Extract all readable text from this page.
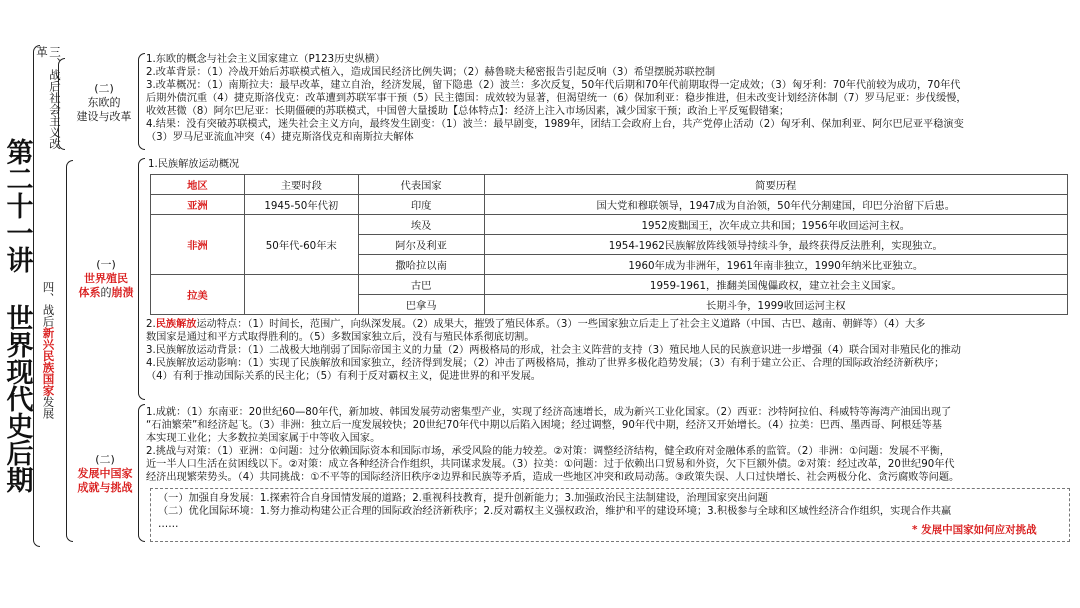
第二十一讲 世界现代史后期
三、战后社会主义改革
四、战后
新兴民族国家
发展
(二)
东欧的
建设与改革
1.东欧的概念与社会主义国家建立（P123历史纵横）
2.改革背景：（1）冷战开始后苏联模式植入，造成国民经济比例失调；（2）赫鲁晓夫秘密报告引起反响（3）希望摆脱苏联控制
3.改革概况：（1）南斯拉夫：最早改革，建立自治，经济发展，留下隐患（2）波兰：多次反复，50年代后期和70年代前期取得一定成效；（3）匈牙利：70年代前较为成功，70年代
后期外债沉重（4）捷克斯洛伐克：改革遭到苏联军事干预（5）民主德国：成效较为显著，但渴望统一（6）保加利亚：稳步推进，但未改变计划经济体制（7）罗马尼亚：步伐缓慢，
收效甚微（8）阿尔巴尼亚：长期僵硬的苏联模式，中国曾大量援助【总体特点】：经济上注入市场因素，减少国家干预；政治上平反冤假错案；
4.结果：没有突破苏联模式，迷失社会主义方向，最终发生剧变：（1）波兰：最早剧变，1989年，团结工会政府上台，共产党停止活动（2）匈牙利、保加利亚、阿尔巴尼亚平稳演变
（3）罗马尼亚流血冲突（4）捷克斯洛伐克和南斯拉夫解体
(一)
世界殖民
体系的崩溃
1.民族解放运动概况
地区	主要时段	代表国家	简要历程
亚洲	1945-50年代初	印度	国大党和穆联领导，1947成为自治领，50年代分割建国，印巴分治留下后患。
非洲	50年代-60年末	埃及	1952废黜国王，次年成立共和国；1956年收回运河主权。
		阿尔及利亚	1954-1962民族解放阵线领导持续斗争，最终获得反法胜利，实现独立。
		撒哈拉以南	1960年成为非洲年，1961年南非独立，1990年纳米比亚独立。
拉美		古巴	1959-1961，推翻美国傀儡政权，建立社会主义国家。
		巴拿马	长期斗争，1999收回运河主权
2.民族解放运动特点：（1）时间长，范围广，向纵深发展。（2）成果大，摧毁了殖民体系。（3）一些国家独立后走上了社会主义道路（中国、古巴、越南、朝鲜等）（4）大多
数国家是通过和平方式取得胜利的。（5）多数国家独立后，没有与殖民体系彻底切割。
3.民族解放运动背景：（1）二战极大地削弱了国际帝国主义的力量（2）两极格局的形成，社会主义阵营的支持（3）殖民地人民的民族意识进一步增强（4）联合国对非殖民化的推动
4.民族解放运动影响：（1）实现了民族解放和国家独立，经济得到发展；（2）冲击了两极格局，推动了世界多极化趋势发展；（3）有利于建立公正、合理的国际政治经济新秩序；
（4）有利于推动国际关系的民主化；（5）有利于反对霸权主义，促进世界的和平发展。
(二)
发展中国家
成就与挑战
1.成就：（1）东南亚：20世纪60—80年代，新加坡、韩国发展劳动密集型产业，实现了经济高速增长，成为新兴工业化国家。（2）西亚：沙特阿拉伯、科威特等海湾产油国出现了
“石油繁荣”和经济起飞。（3）非洲：独立后一度发展较快；20世纪70年代中期以后陷入困境；经过调整，90年代中期，经济又开始增长。（4）拉美：巴西、墨西哥、阿根廷等基
本实现工业化；大多数拉美国家属于中等收入国家。
2.挑战与对策：（1）亚洲：①问题：过分依赖国际资本和国际市场，承受风险的能力较差。②对策：调整经济结构，健全政府对金融体系的监管。（2）非洲：①问题：发展不平衡，
近一半人口生活在贫困线以下。②对策：成立各种经济合作组织，共同谋求发展。（3）拉美：①问题：过于依赖出口贸易和外资，欠下巨额外债。②对策：经过改革，20世纪90年代
经济出现繁荣势头。（4）共同挑战：①不平等的国际经济旧秩序②边界和民族等矛盾，造成一些地区冲突和政局动荡。③政策失误、人口过快增长、社会两极分化、贪污腐败等问题。
（一）加强自身发展：1.探索符合自身国情发展的道路；2.重视科技教育，提升创新能力；3.加强政治民主法制建设，治理国家突出问题
（二）优化国际环境：1.努力推动构建公正合理的国际政治经济新秩序；2.反对霸权主义强权政治，维护和平的建设环境；3.积极参与全球和区域性经济合作组织，实现合作共赢
……	* 发展中国家如何应对挑战
